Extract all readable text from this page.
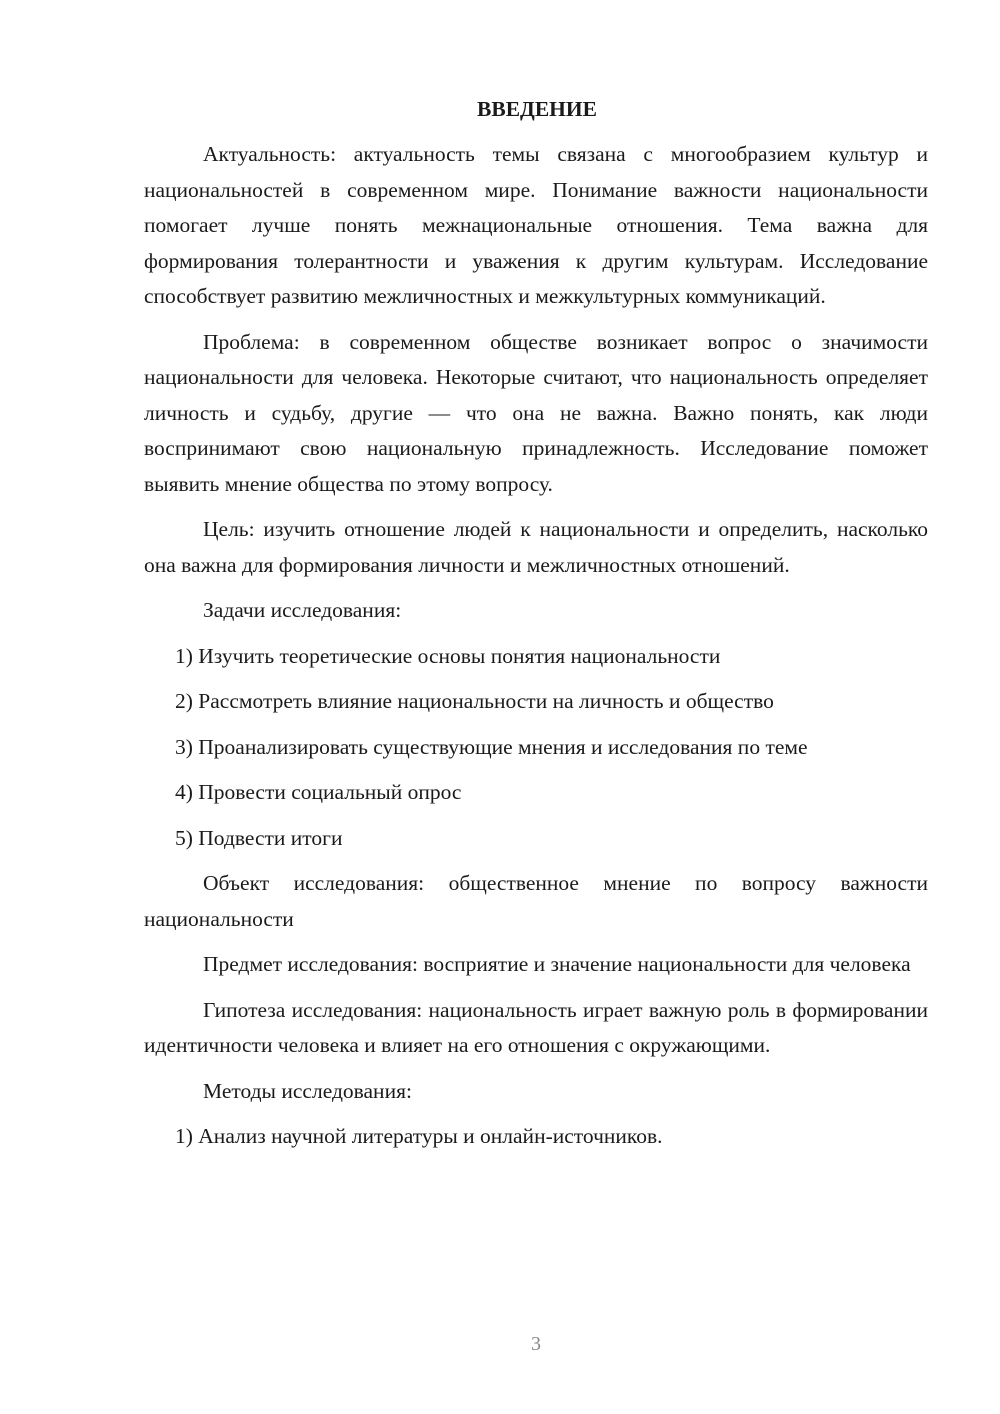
ВВЕДЕНИЕ

Актуальность: актуальность темы связана с многообразием культур и национальностей в современном мире. Понимание важности национальности помогает лучше понять межнациональные отношения. Тема важна для формирования толерантности и уважения к другим культурам. Исследование способствует развитию межличностных и межкультурных коммуникаций.

Проблема: в современном обществе возникает вопрос о значимости национальности для человека. Некоторые считают, что национальность определяет личность и судьбу, другие — что она не важна. Важно понять, как люди воспринимают свою национальную принадлежность. Исследование поможет выявить мнение общества по этому вопросу.

Цель: изучить отношение людей к национальности и определить, насколько она важна для формирования личности и межличностных отношений.

Задачи исследования:
1) Изучить теоретические основы понятия национальности
2) Рассмотреть влияние национальности на личность и общество
3) Проанализировать существующие мнения и исследования по теме
4) Провести социальный опрос
5) Подвести итоги

Объект исследования: общественное мнение по вопросу важности национальности

Предмет исследования: восприятие и значение национальности для человека

Гипотеза исследования: национальность играет важную роль в формировании идентичности человека и влияет на его отношения с окружающими.

Методы исследования:
1) Анализ научной литературы и онлайн-источников.
3
